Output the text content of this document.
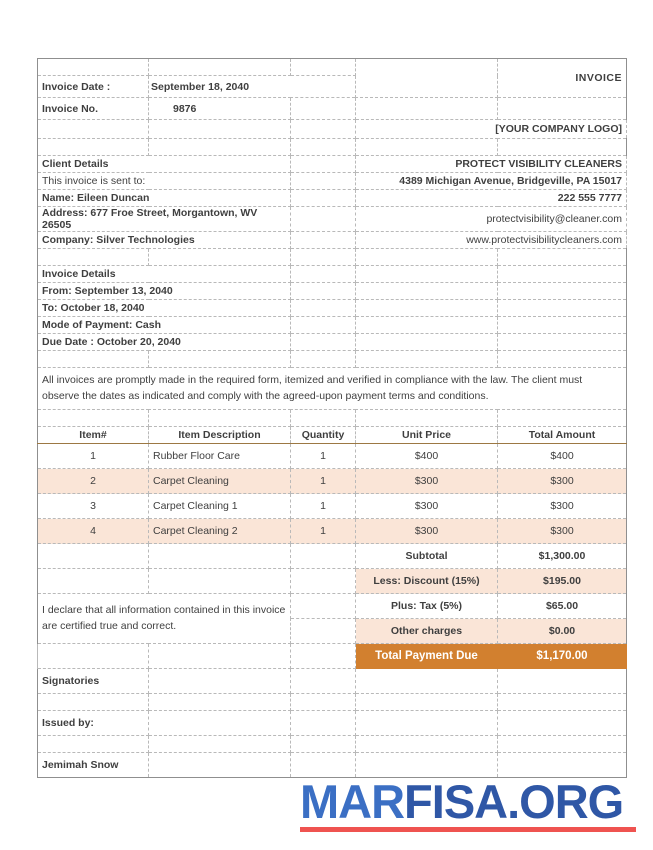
				INVOICE
Invoice Date :	September 18, 2040			
Invoice No.	9876			
			[YOUR COMPANY LOGO]	

Client Details			PROTECT VISIBILITY CLEANERS	
This invoice is sent to:			4389 Michigan Avenue, Bridgeville, PA 15017	
Name: Eileen Duncan			222 555 7777	
Address: 677 Froe Street, Morgantown, WV 26505			protectvisibility@cleaner.com	
Company: Silver Technologies			www.protectvisibilitycleaners.com	

Invoice Details				
From: September 13, 2040				
To: October 18, 2040				
Mode of Payment: Cash				
Due Date : October 20, 2040				

All invoices are promptly made in the required form, itemized and verified in compliance with the law. The client must observe the dates as indicated and comply with the agreed-upon payment terms and conditions.				

Item#	Item Description	Quantity	Unit Price	Total Amount
1	Rubber Floor Care	1	$400	$400
2	Carpet Cleaning	1	$300	$300
3	Carpet Cleaning 1	1	$300	$300
4	Carpet Cleaning 2	1	$300	$300
			Subtotal	$1,300.00
			Less: Discount (15%)	$195.00
I declare that all information contained in this invoice are certified true and correct.			Plus: Tax (5%)	$65.00
			Other charges	$0.00
			Total Payment Due	$1,170.00
Signatories				

Issued by:				

Jemimah Snow				
MARFISA.ORG
